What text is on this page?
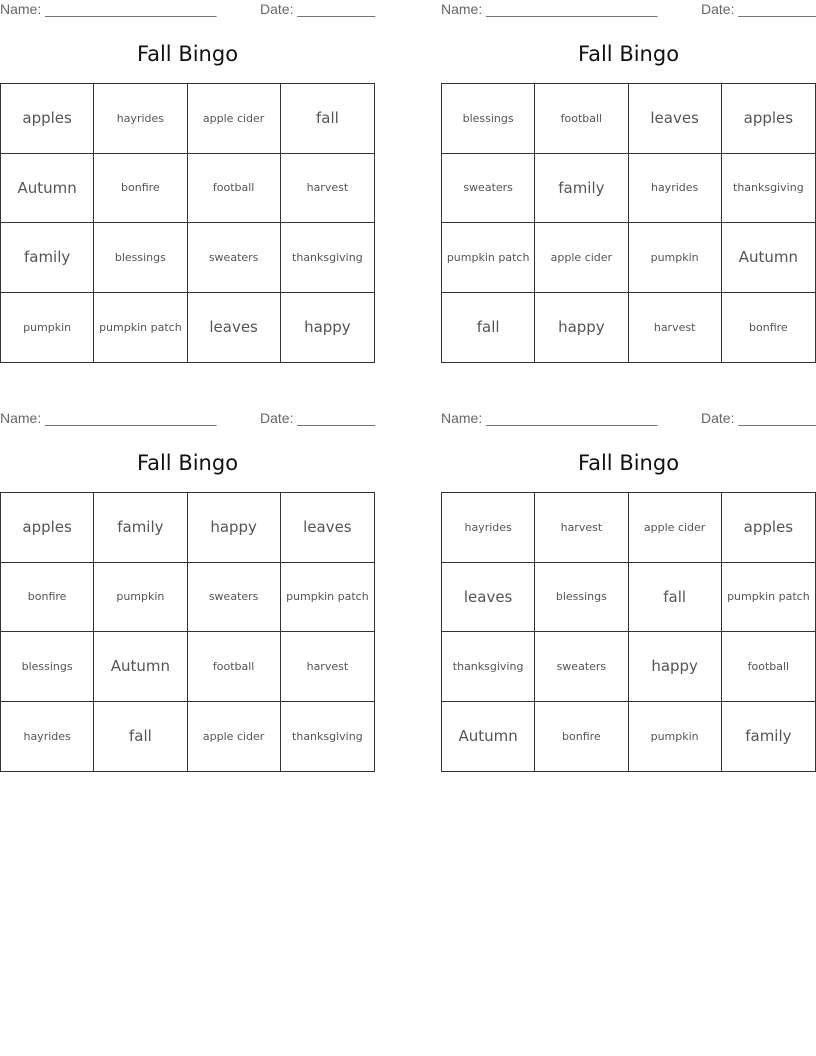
Name: ______________________	Date: __________
Fall Bingo
apples	hayrides	apple cider	fall
Autumn	bonfire	football	harvest
family	blessings	sweaters	thanksgiving
pumpkin	pumpkin patch	leaves	happy
Name: ______________________	Date: __________
Fall Bingo
blessings	football	leaves	apples
sweaters	family	hayrides	thanksgiving
pumpkin patch	apple cider	pumpkin	Autumn
fall	happy	harvest	bonfire
Name: ______________________	Date: __________
Fall Bingo
apples	family	happy	leaves
bonfire	pumpkin	sweaters	pumpkin patch
blessings	Autumn	football	harvest
hayrides	fall	apple cider	thanksgiving
Name: ______________________	Date: __________
Fall Bingo
hayrides	harvest	apple cider	apples
leaves	blessings	fall	pumpkin patch
thanksgiving	sweaters	happy	football
Autumn	bonfire	pumpkin	family
